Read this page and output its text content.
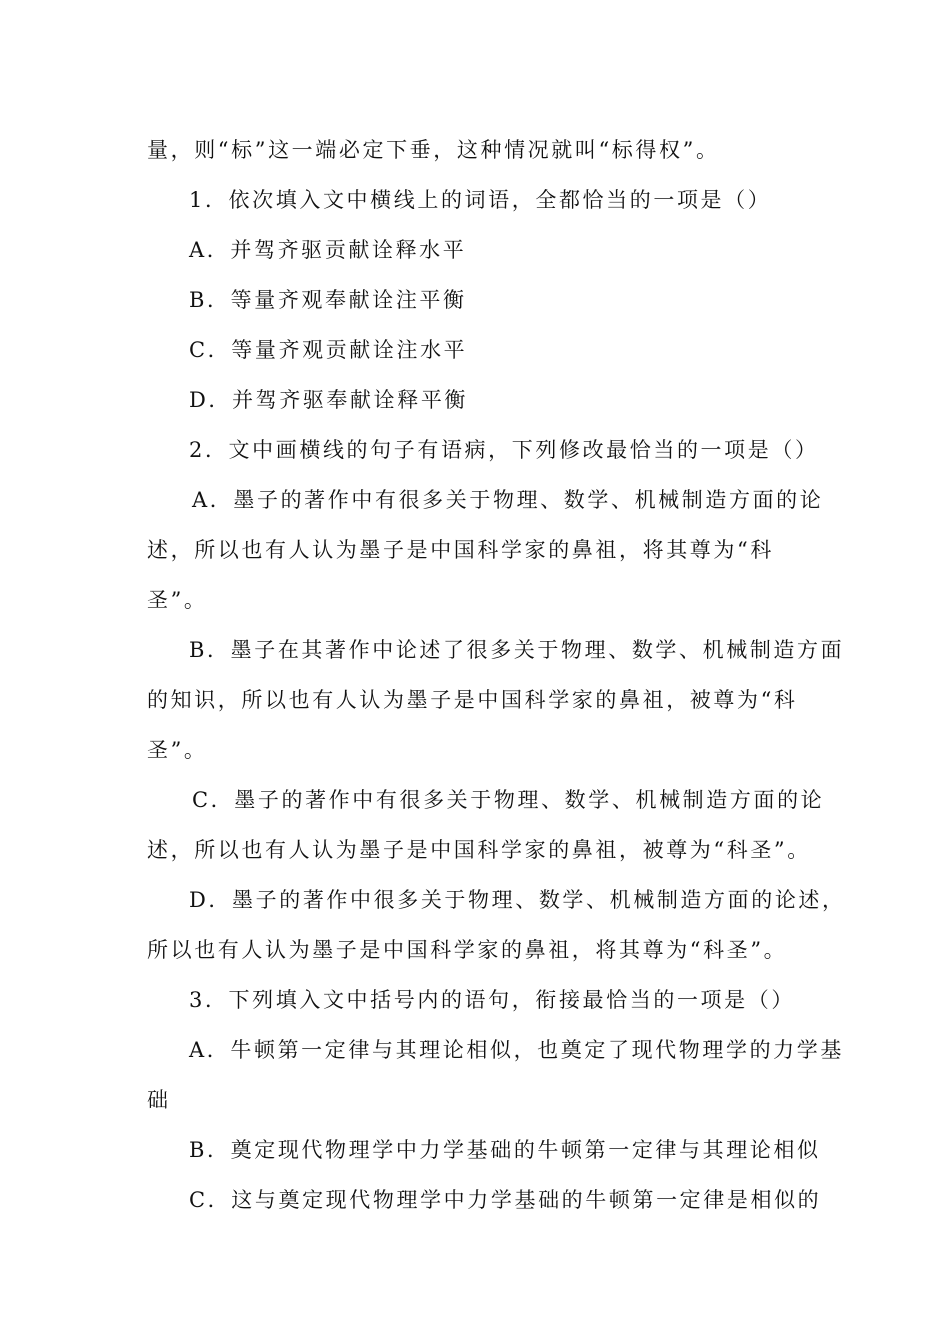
量，则“标”这一端必定下垂，这种情况就叫“标得权”。
1．依次填入文中横线上的词语，全都恰当的一项是（）
A．并驾齐驱贡献诠释水平
B．等量齐观奉献诠注平衡
C．等量齐观贡献诠注水平
D．并驾齐驱奉献诠释平衡
2．文中画横线的句子有语病，下列修改最恰当的一项是（）
A．墨子的著作中有很多关于物理、数学、机械制造方面的论
述，所以也有人认为墨子是中国科学家的鼻祖，将其尊为“科
圣”。
B．墨子在其著作中论述了很多关于物理、数学、机械制造方面
的知识，所以也有人认为墨子是中国科学家的鼻祖，被尊为“科
圣”。
C．墨子的著作中有很多关于物理、数学、机械制造方面的论
述，所以也有人认为墨子是中国科学家的鼻祖，被尊为“科圣”。
D．墨子的著作中很多关于物理、数学、机械制造方面的论述，
所以也有人认为墨子是中国科学家的鼻祖，将其尊为“科圣”。
3．下列填入文中括号内的语句，衔接最恰当的一项是（）
A．牛顿第一定律与其理论相似，也奠定了现代物理学的力学基
础
B．奠定现代物理学中力学基础的牛顿第一定律与其理论相似
C．这与奠定现代物理学中力学基础的牛顿第一定律是相似的
